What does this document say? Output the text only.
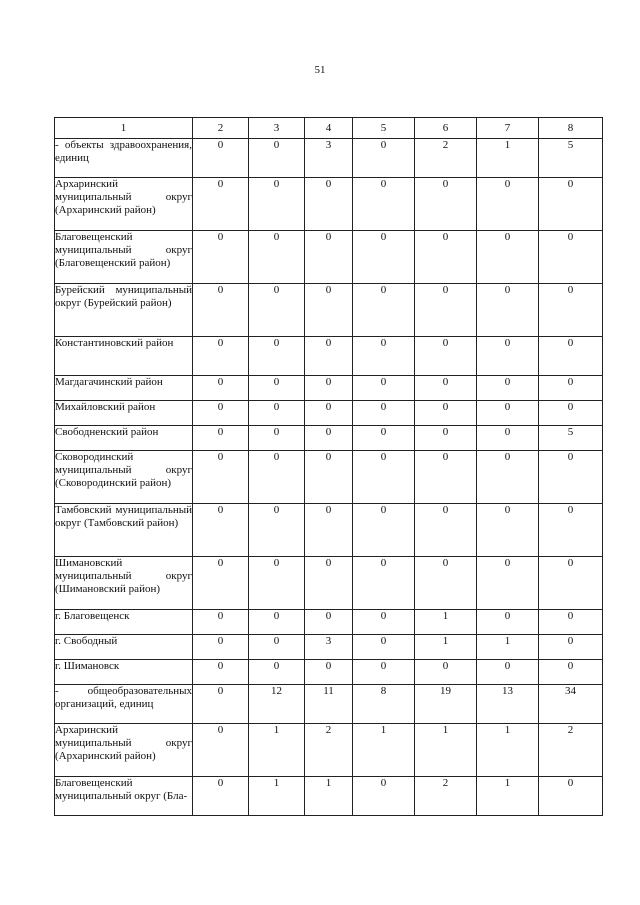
51
1	2	3	4	5	6	7	8
- объекты здравоохранения, единиц	0	0	3	0	2	1	5
Архаринский муниципальный округ (Архаринский район)	0	0	0	0	0	0	0
Благовещенский муниципальный округ (Благовещенский район)	0	0	0	0	0	0	0
Бурейский муниципальный округ (Бурейский район)	0	0	0	0	0	0	0
Константиновский район	0	0	0	0	0	0	0
Магдагачинский район	0	0	0	0	0	0	0
Михайловский район	0	0	0	0	0	0	0
Свободненский район	0	0	0	0	0	0	5
Сковородинский муниципальный округ (Сковородинский район)	0	0	0	0	0	0	0
Тамбовский муниципальный округ (Тамбовский район)	0	0	0	0	0	0	0
Шимановский муниципальный округ (Шимановский район)	0	0	0	0	0	0	0
г. Благовещенск	0	0	0	0	1	0	0
г. Свободный	0	0	3	0	1	1	0
г. Шимановск	0	0	0	0	0	0	0
- общеобразовательных организаций, единиц	0	12	11	8	19	13	34
Архаринский муниципальный округ (Архаринский район)	0	1	2	1	1	1	2
Благовещенский муниципальный округ (Бла-	0	1	1	0	2	1	0
